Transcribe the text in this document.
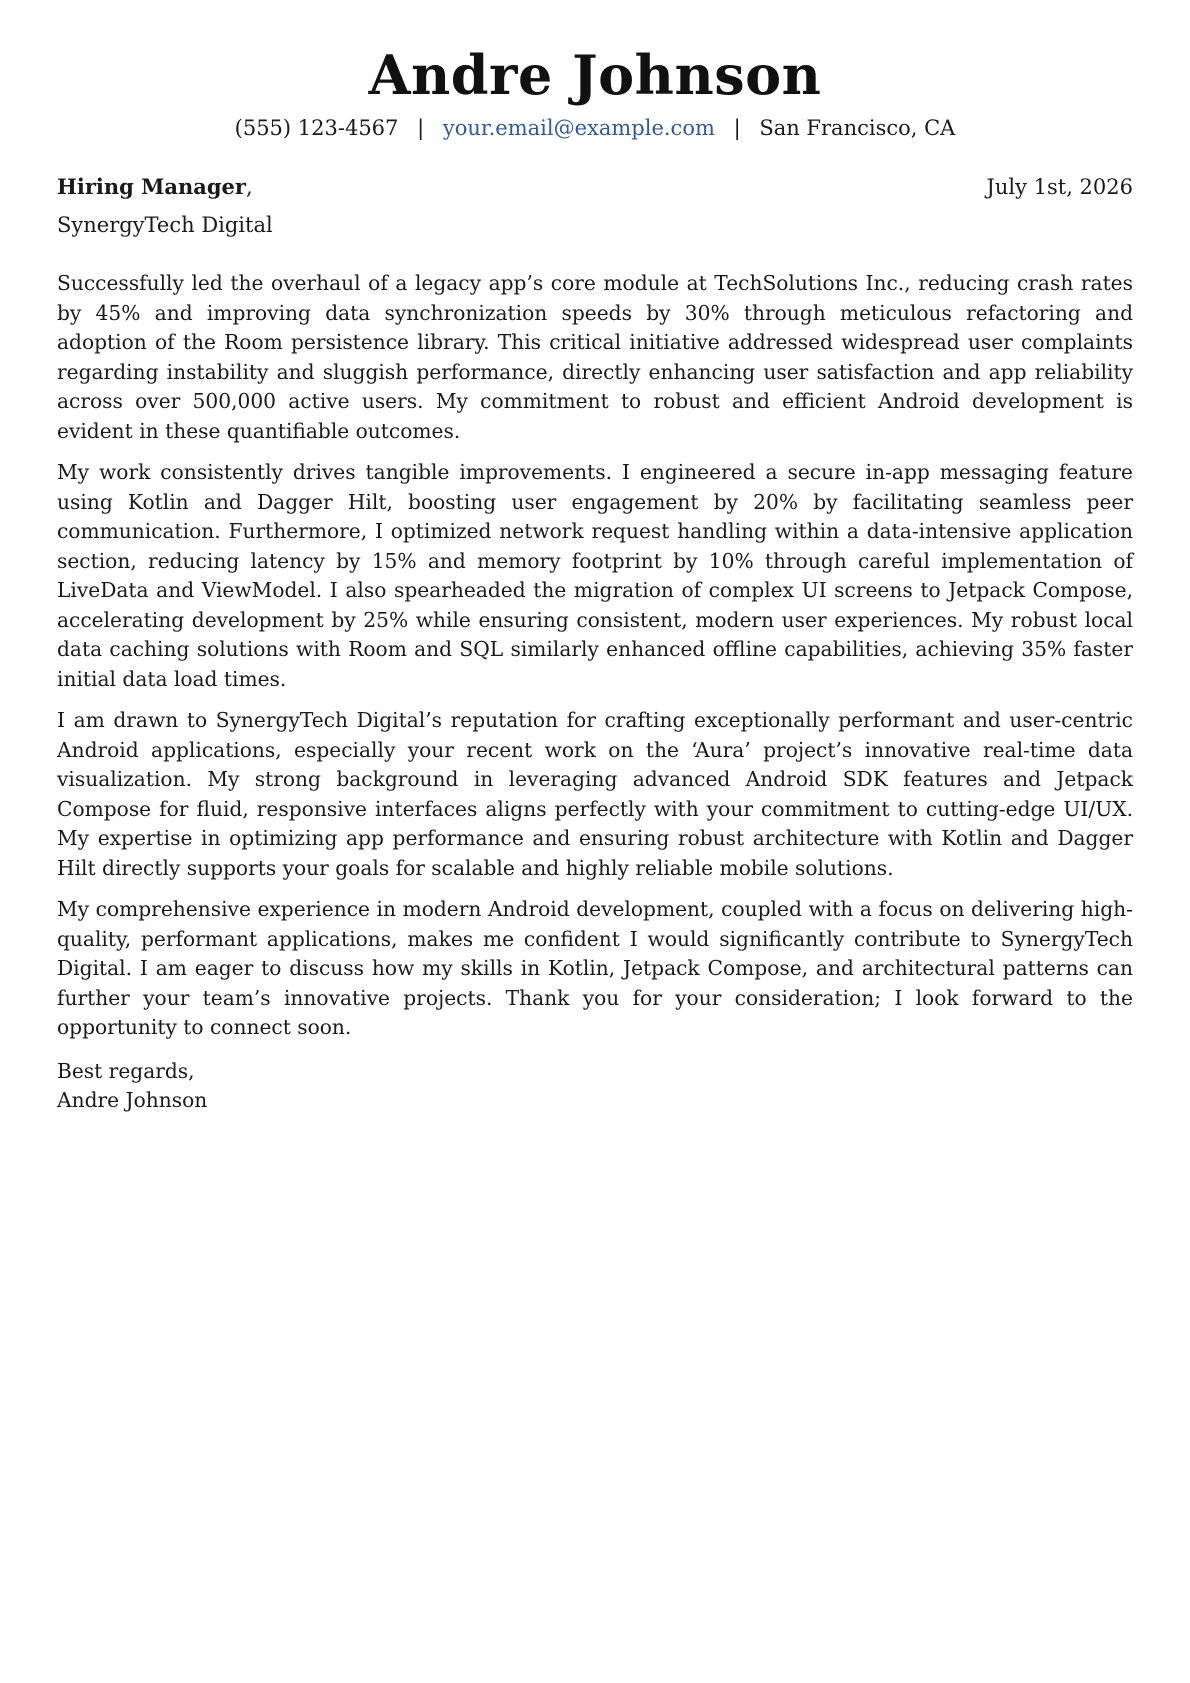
Andre Johnson
(555) 123-4567 | your.email@example.com | San Francisco, CA
Hiring Manager,	July 1st, 2026
SynergyTech Digital

Successfully led the overhaul of a legacy app’s core module at TechSolutions Inc., reducing crash rates by 45% and improving data synchronization speeds by 30% through meticulous refactoring and adoption of the Room persistence library. This critical initiative addressed widespread user complaints regarding instability and sluggish performance, directly enhancing user satisfaction and app reliability across over 500,000 active users. My commitment to robust and efficient Android development is evident in these quantifiable outcomes.

My work consistently drives tangible improvements. I engineered a secure in-app messaging feature using Kotlin and Dagger Hilt, boosting user engagement by 20% by facilitating seamless peer communication. Furthermore, I optimized network request handling within a data-intensive application section, reducing latency by 15% and memory footprint by 10% through careful implementation of LiveData and ViewModel. I also spearheaded the migration of complex UI screens to Jetpack Compose, accelerating development by 25% while ensuring consistent, modern user experiences. My robust local data caching solutions with Room and SQL similarly enhanced offline capabilities, achieving 35% faster initial data load times.

I am drawn to SynergyTech Digital’s reputation for crafting exceptionally performant and user-centric Android applications, especially your recent work on the ‘Aura’ project’s innovative real-time data visualization. My strong background in leveraging advanced Android SDK features and Jetpack Compose for fluid, responsive interfaces aligns perfectly with your commitment to cutting-edge UI/UX. My expertise in optimizing app performance and ensuring robust architecture with Kotlin and Dagger Hilt directly supports your goals for scalable and highly reliable mobile solutions.

My comprehensive experience in modern Android development, coupled with a focus on delivering high-quality, performant applications, makes me confident I would significantly contribute to SynergyTech Digital. I am eager to discuss how my skills in Kotlin, Jetpack Compose, and architectural patterns can further your team’s innovative projects. Thank you for your consideration; I look forward to the opportunity to connect soon.

Best regards,
Andre Johnson
